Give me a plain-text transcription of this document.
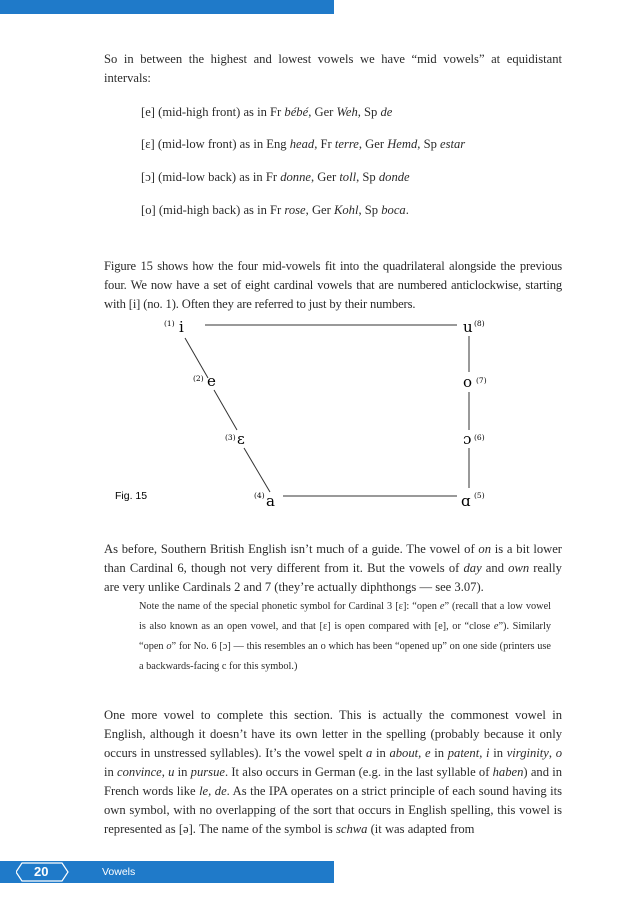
So in between the highest and lowest vowels we have “mid vowels” at equidistant intervals:

[e] (mid-high front) as in Fr bébé, Ger Weh, Sp de
[ɛ] (mid-low front) as in Eng head, Fr terre, Ger Hemd, Sp estar
[ɔ] (mid-low back) as in Fr donne, Ger toll, Sp donde
[o] (mid-high back) as in Fr rose, Ger Kohl, Sp boca.

Figure 15 shows how the four mid-vowels fit into the quadrilateral alongside the previous four. We now have a set of eight cardinal vowels that are numbered anticlockwise, starting with [i] (no. 1). Often they are referred to just by their numbers.

(1) i
(2) e
(3) ɛ
(4) a	ɑ (5)
ɔ (6)
o (7)
u (8)
Fig. 15

As before, Southern British English isn’t much of a guide. The vowel of on is a bit lower than Cardinal 6, though not very different from it. But the vowels of day and own really are very unlike Cardinals 2 and 7 (they’re actually diphthongs — see 3.07).

Note the name of the special phonetic symbol for Cardinal 3 [ɛ]: “open e” (recall that a low vowel is also known as an open vowel, and that [ɛ] is open compared with [e], or “close e”). Similarly “open o” for No. 6 [ɔ] — this resembles an o which has been “opened up” on one side (printers use a backwards-facing c for this symbol.)

One more vowel to complete this section. This is actually the commonest vowel in English, although it doesn’t have its own letter in the spelling (probably because it only occurs in unstressed syllables). It’s the vowel spelt a in about, e in patent, i in virginity, o in convince, u in pursue. It also occurs in German (e.g. in the last syllable of haben) and in French words like le, de. As the IPA operates on a strict principle of each sound having its own symbol, with no overlapping of the sort that occurs in English spelling, this vowel is represented as [ə]. The name of the symbol is schwa (it was adapted from

20	Vowels
